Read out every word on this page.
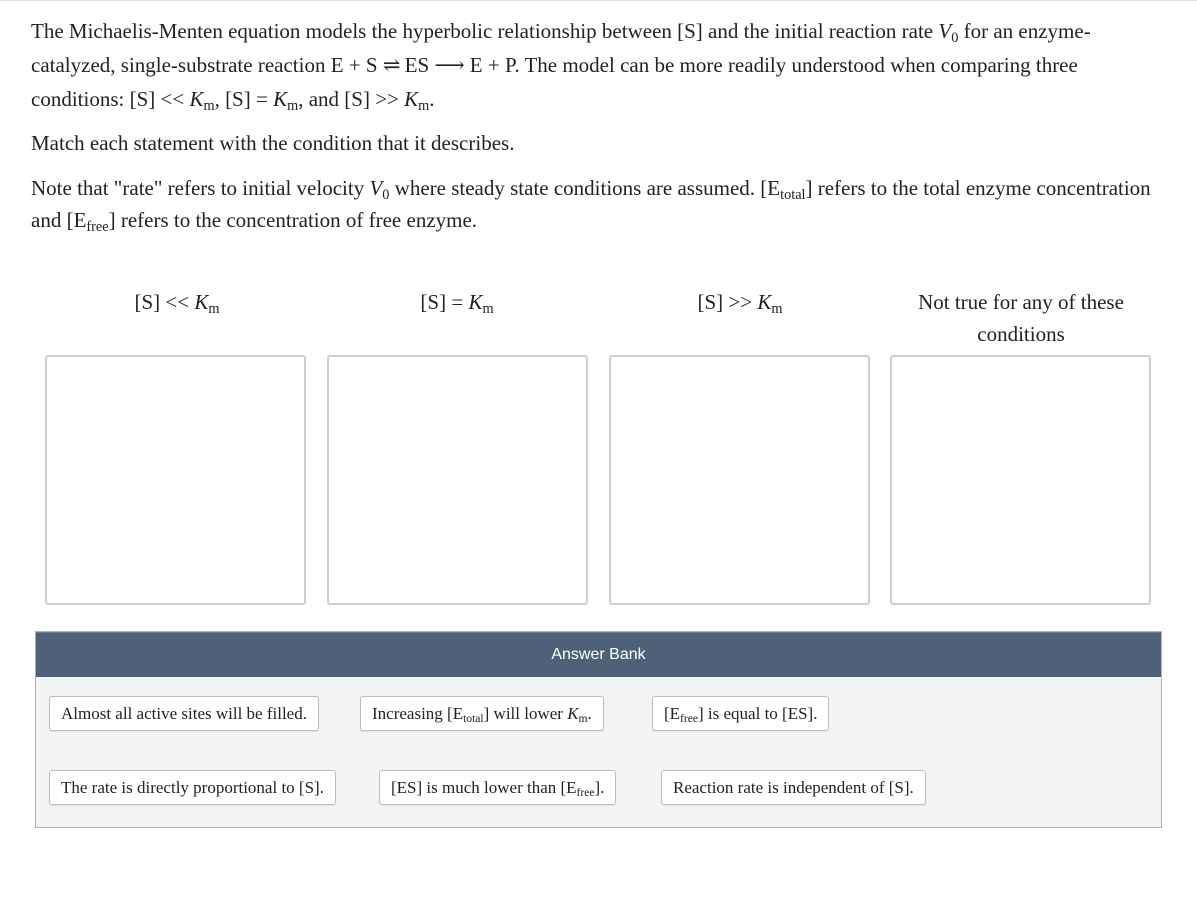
The Michaelis-Menten equation models the hyperbolic relationship between [S] and the initial reaction rate $V_0$ for an enzyme-catalyzed, single-substrate reaction E + S ⇌ ES ⟶ E + P. The model can be more readily understood when comparing three conditions: $[S] << K_m$, $[S] = K_m$, and $[S] >> K_m$.

Match each statement with the condition that it describes.

Note that "rate" refers to initial velocity $V_0$ where steady state conditions are assumed. $[E_{total}]$ refers to the total enzyme concentration and $[E_{free}]$ refers to the concentration of free enzyme.

$[S] << K_m$	$[S] = K_m$	$[S] >> K_m$	Not true for any of these conditions
Answer Bank
Almost all active sites will be filled.	Increasing $[E_{total}]$ will lower $K_m$.	$[E_{free}]$ is equal to [ES].
The rate is directly proportional to [S].	[ES] is much lower than $[E_{free}]$.	Reaction rate is independent of [S].
